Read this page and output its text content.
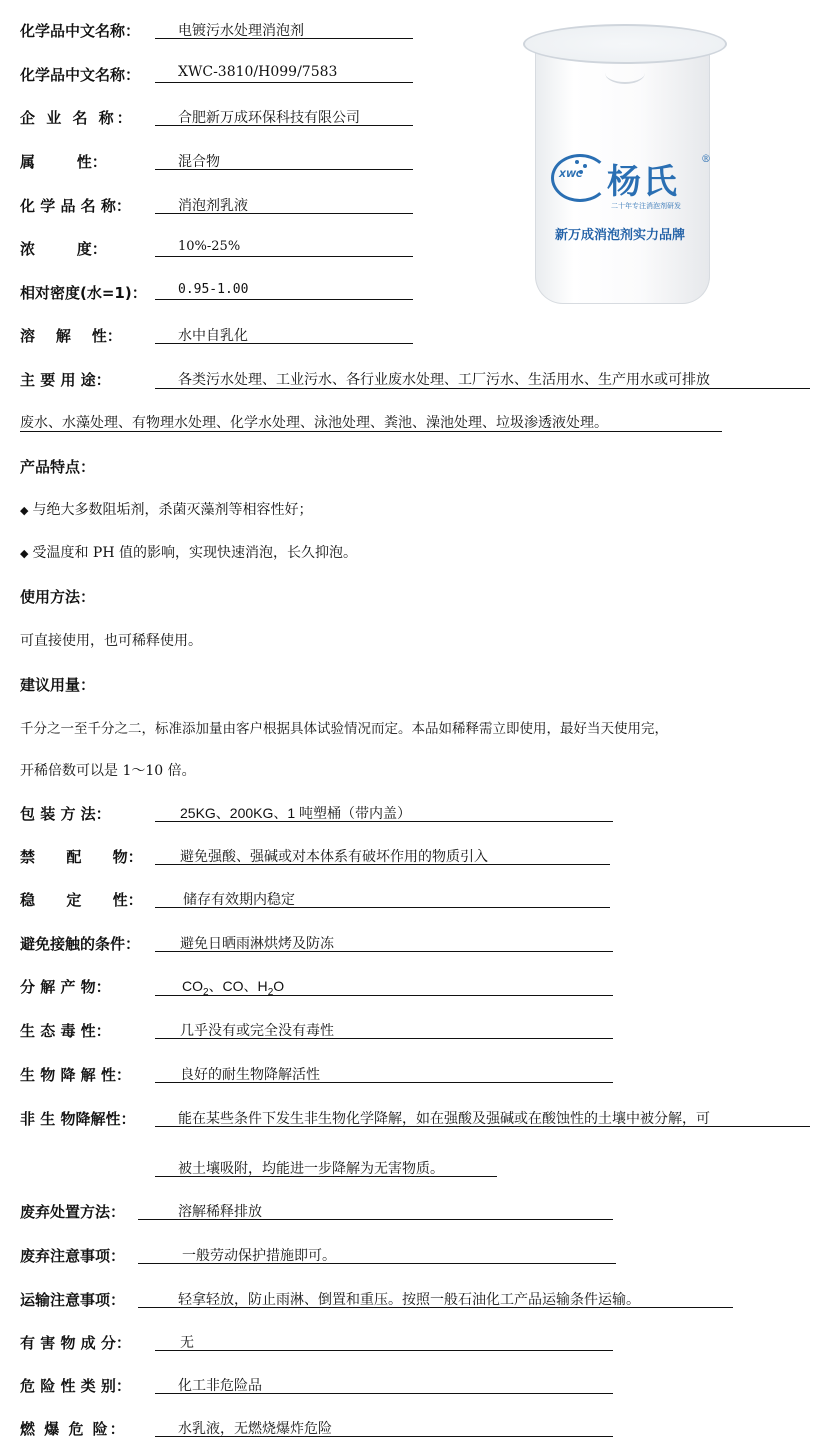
化学品中文名称：	电镀污水处理消泡剂
化学品中文名称：	XWC-3810/H099/7583
企 业 名 称：	合肥新万成环保科技有限公司
属        性：	混合物
化 学 品 名 称：	消泡剂乳液
浓        度：	10%-25%
相对密度(水=1)： 0.95-1.00
溶    解    性：	水中自乳化
XWC 杨氏
®
二十年专注消泡剂研发
新万成消泡剂实力品牌
主 要 用 途：	各类污水处理、工业污水、各行业废水处理、工厂污水、生活用水、生产用水或可排放
废水、水藻处理、有物理水处理、化学水处理、泳池处理、粪池、澡池处理、垃圾渗透液处理。
产品特点：
◆ 与绝大多数阻垢剂，杀菌灭藻剂等相容性好；
◆ 受温度和 PH 值的影响，实现快速消泡，长久抑泡。
使用方法：
可直接使用，也可稀释使用。
建议用量：
千分之一至千分之二，标准添加量由客户根据具体试验情况而定。本品如稀释需立即使用，最好当天使用完，
开稀倍数可以是 1～10 倍。
包 装 方 法：	25KG、200KG、1 吨塑桶（带内盖）
禁      配      物：	避免强酸、强碱或对本体系有破坏作用的物质引入
稳      定      性：	储存有效期内稳定
避免接触的条件：	避免日晒雨淋烘烤及防冻
分 解 产 物：	$CO_2$、CO、$H_2O$
生 态 毒 性：	几乎没有或完全没有毒性
生 物 降 解 性：	良好的耐生物降解活性
非 生 物降解性：	能在某些条件下发生非生物化学降解，如在强酸及强碱或在酸蚀性的土壤中被分解，可
被土壤吸附，均能进一步降解为无害物质。
废弃处置方法：	溶解稀释排放
废弃注意事项：	一般劳动保护措施即可。
运输注意事项：	轻拿轻放，防止雨淋、倒置和重压。按照一般石油化工产品运输条件运输。
有 害 物 成 分：	无
危 险 性 类 别：	化工非危险品
燃 爆 危 险：	水乳液，无燃烧爆炸危险
